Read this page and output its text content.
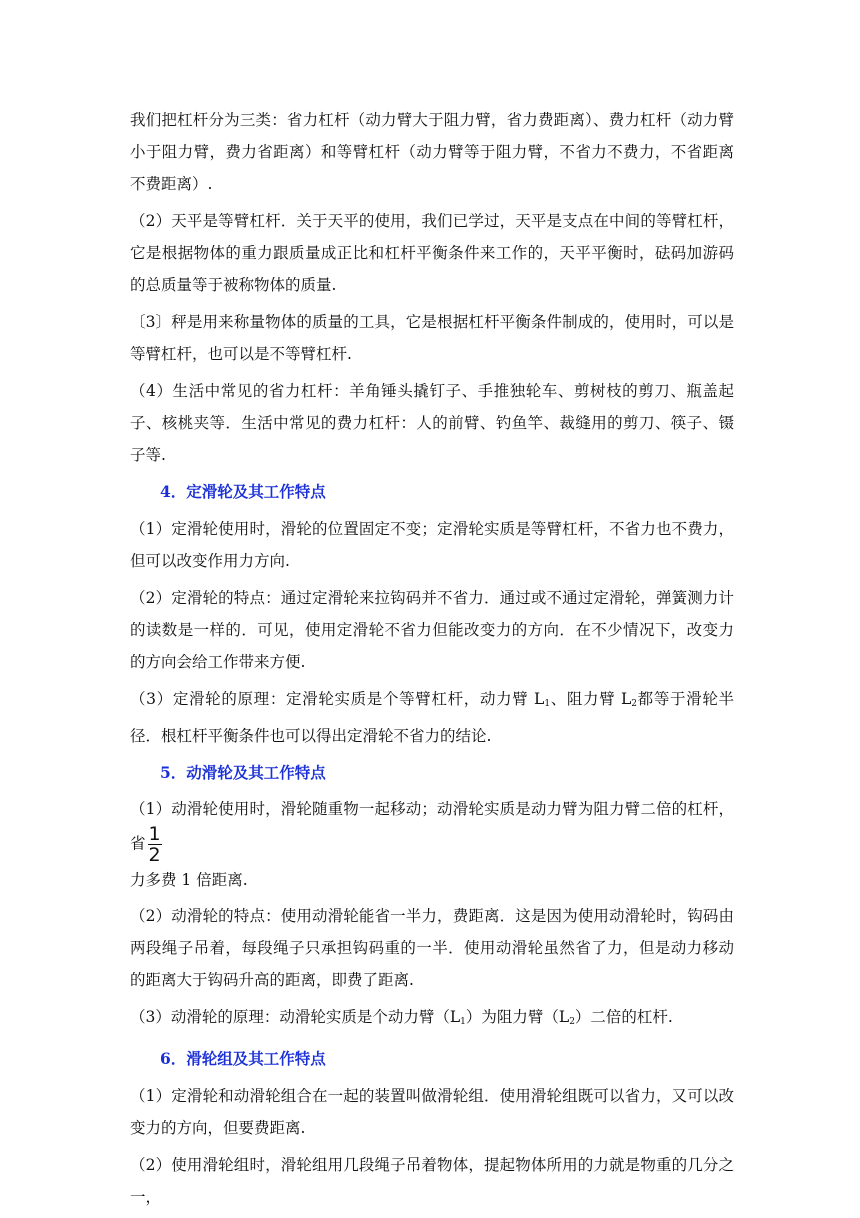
我们把杠杆分为三类：省力杠杆（动力臂大于阻力臂，省力费距离）、费力杠杆（动力臂小于阻力臂，费力省距离）和等臂杠杆（动力臂等于阻力臂，不省力不费力，不省距离不费距离）.

（2）天平是等臂杠杆．关于天平的使用，我们已学过，天平是支点在中间的等臂杠杆，它是根据物体的重力跟质量成正比和杠杆平衡条件来工作的，天平平衡时，砝码加游码的总质量等于被称物体的质量.

〔3〕秤是用来称量物体的质量的工具，它是根据杠杆平衡条件制成的，使用时，可以是等臂杠杆，也可以是不等臂杠杆.

（4）生活中常见的省力杠杆：羊角锤头撬钉子、手推独轮车、剪树枝的剪刀、瓶盖起子、核桃夹等．生活中常见的费力杠杆：人的前臂、钓鱼竿、裁缝用的剪刀、筷子、镊子等.

4．定滑轮及其工作特点

（1）定滑轮使用时，滑轮的位置固定不变；定滑轮实质是等臂杠杆，不省力也不费力，但可以改变作用力方向.

（2）定滑轮的特点：通过定滑轮来拉钩码并不省力．通过或不通过定滑轮，弹簧测力计的读数是一样的．可见，使用定滑轮不省力但能改变力的方向．在不少情况下，改变力的方向会给工作带来方便.

（3）定滑轮的原理：定滑轮实质是个等臂杠杆，动力臂 $L_1$、阻力臂 $L_2$都等于滑轮半径．根杠杆平衡条件也可以得出定滑轮不省力的结论.

5．动滑轮及其工作特点

（1）动滑轮使用时，滑轮随重物一起移动；动滑轮实质是动力臂为阻力臂二倍的杠杆，省 $\frac{1}{2}$

力多费 1 倍距离.

（2）动滑轮的特点：使用动滑轮能省一半力，费距离．这是因为使用动滑轮时，钩码由两段绳子吊着，每段绳子只承担钩码重的一半．使用动滑轮虽然省了力，但是动力移动的距离大于钩码升高的距离，即费了距离.

（3）动滑轮的原理：动滑轮实质是个动力臂$(L_1)$为阻力臂$(L_2)$二倍的杠杆.

6．滑轮组及其工作特点

（1）定滑轮和动滑轮组合在一起的装置叫做滑轮组．使用滑轮组既可以省力，又可以改变力的方向，但要费距离.

（2）使用滑轮组时，滑轮组用几段绳子吊着物体，提起物体所用的力就是物重的几分之一，
